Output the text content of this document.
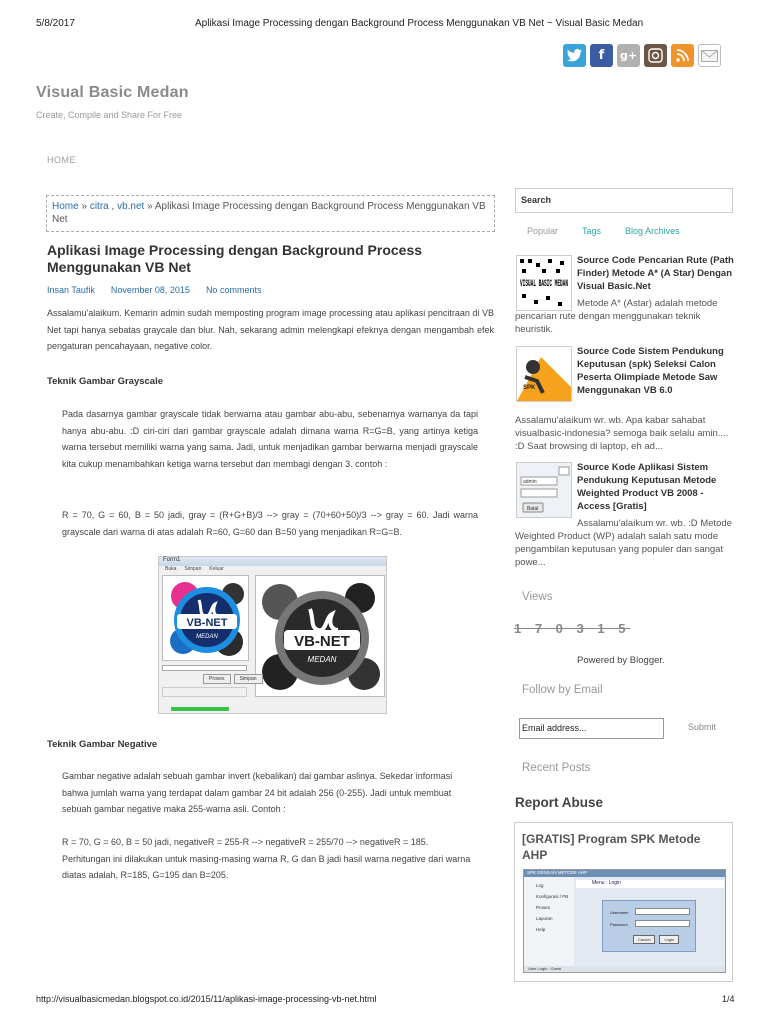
5/8/2017	Aplikasi Image Processing dengan Background Process Menggunakan VB Net ~ Visual Basic Medan
f	g+
Visual Basic Medan
Create, Compile and Share For Free
HOME
Home » citra , vb.net » Aplikasi Image Processing dengan Background Process Menggunakan VB Net
Aplikasi Image Processing dengan Background Process Menggunakan VB Net
Insan Taufik November 08, 2015 No comments
Assalamu'alaikum. Kemarin admin sudah memposting program image processing atau aplikasi pencitraan di VB Net tapi hanya sebatas graycale dan blur. Nah, sekarang admin melengkapi efeknya dengan mengambah efek pengaturan pencahayaan, negative color.
Teknik Gambar Grayscale
Pada dasarnya gambar grayscale tidak berwarna atau gambar abu-abu, sebenarnya warnanya da tapi hanya abu-abu. :D ciri-ciri dari gambar grayscale adalah dimana warna R=G=B, yang artinya ketiga warna tersebut memiliki warna yang sama. Jadi, untuk menjadikan gambar berwarna menjadi grayscale kita cukup menambahkan ketiga warna tersebut dan membagi dengan 3. contoh :
R = 70, G = 60, B = 50 jadi, gray = (R+G+B)/3 --> gray = (70+60+50)/3 --> gray = 60. Jadi warna grayscale dari warna di atas adalah R=60, G=60 dan B=50 yang menjadikan R=G=B.
Form1
Buka Simpan Keluar
VB-NET
MEDAN	VB-NET
MEDAN
Proses	Simpan
Teknik Gambar Negative
Gambar negative adalah sebuah gambar invert (kebalikan) dai gambar aslinya. Sekedar informasi bahwa jumlah warna yang terdapat dalam gambar 24 bit adalah 256 (0-255). Jadi untuk membuat sebuah gambar negative maka 255-warna asli. Contoh :
R = 70, G = 60, B = 50 jadi, negativeR = 255-R --> negativeR = 255/70 --> negativeR = 185. Perhitungan ini dilakukan untuk masing-masing warna R, G dan B jadi hasil warna negative dari warna diatas adalah, R=185, G=195 dan B=205.
Search
Popular	Tags	Blog Archives
VISUAL BASIC MEDAN
Source Code Pencarian Rute (Path Finder) Metode A* (A Star) Dengan Visual Basic.Net
Metode A* (Astar) adalah metode pencarian rute dengan menggunakan teknik heuristik.
SPK
Source Code Sistem Pendukung Keputusan (spk) Seleksi Calon Peserta Olimpiade Metode Saw Menggunakan VB 6.0
Assalamu'alaikum wr. wb. Apa kabar sahabat visualbasic-indonesia? semoga baik selalu amin.... :D Saat browsing di laptop, eh ad...
admin
Batal
Source Kode Aplikasi Sistem Pendukung Keputusan Metode Weighted Product VB 2008 - Access [Gratis]
Assalamu'alaikum wr. wb. :D Metode Weighted Product (WP) adalah salah satu mode pengambilan keputusan yang populer dan sangat powe...
Views
1 7 0 3 1 5
Powered by Blogger.
Follow by Email
Email address...	Submit
Recent Posts
Report Abuse
[GRATIS] Program SPK Metode AHP
SPK DENGAN METODE AHP
Log
Konfigurasi / PB
Proses
Laporan
Help
Menu : Login
Username
Password
Cancel	Login
User Login : Guest
http://visualbasicmedan.blogspot.co.id/2015/11/aplikasi-image-processing-vb-net.html	1/4
